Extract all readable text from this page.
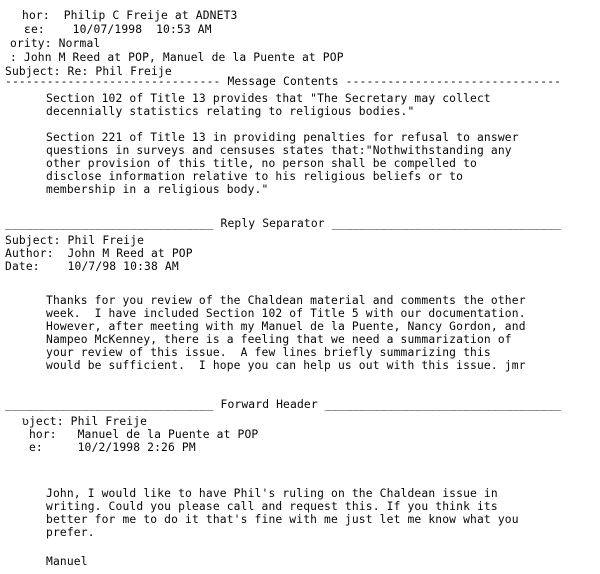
hor:  Philip C Freije at ADNET3
ɛe:    10/07/1998  10:53 AM
ority: Normal
: John M Reed at POP, Manuel de la Puente at POP
Subject: Re: Phil Freije
------------------------------- Message Contents -------------------------------
Section 102 of Title 13 provides that "The Secretary may collect
decennially statistics relating to religious bodies."
Section 221 of Title 13 in providing penalties for refusal to answer
questions in surveys and censuses states that:"Nothwithstanding any
other provision of this title, no person shall be compelled to
disclose information relative to his religious beliefs or to
membership in a religious body."
______________________________ Reply Separator _________________________________
Subject: Phil Freije
Author:  John M Reed at POP
Date:    10/7/98 10:38 AM
Thanks for you review of the Chaldean material and comments the other
week.  I have included Section 102 of Title 5 with our documentation.
However, after meeting with my Manuel de la Puente, Nancy Gordon, and
Nampeo McKenney, there is a feeling that we need a summarization of
your review of this issue.  A few lines briefly summarizing this
would be sufficient.  I hope you can help us out with this issue. jmr
______________________________ Forward Header __________________________________
ʋject: Phil Freije
hor:   Manuel de la Puente at POP
e:     10/2/1998 2:26 PM
John, I would like to have Phil's ruling on the Chaldean issue in
writing. Could you please call and request this. If you think its
better for me to do it that's fine with me just let me know what you
prefer.
Manuel
